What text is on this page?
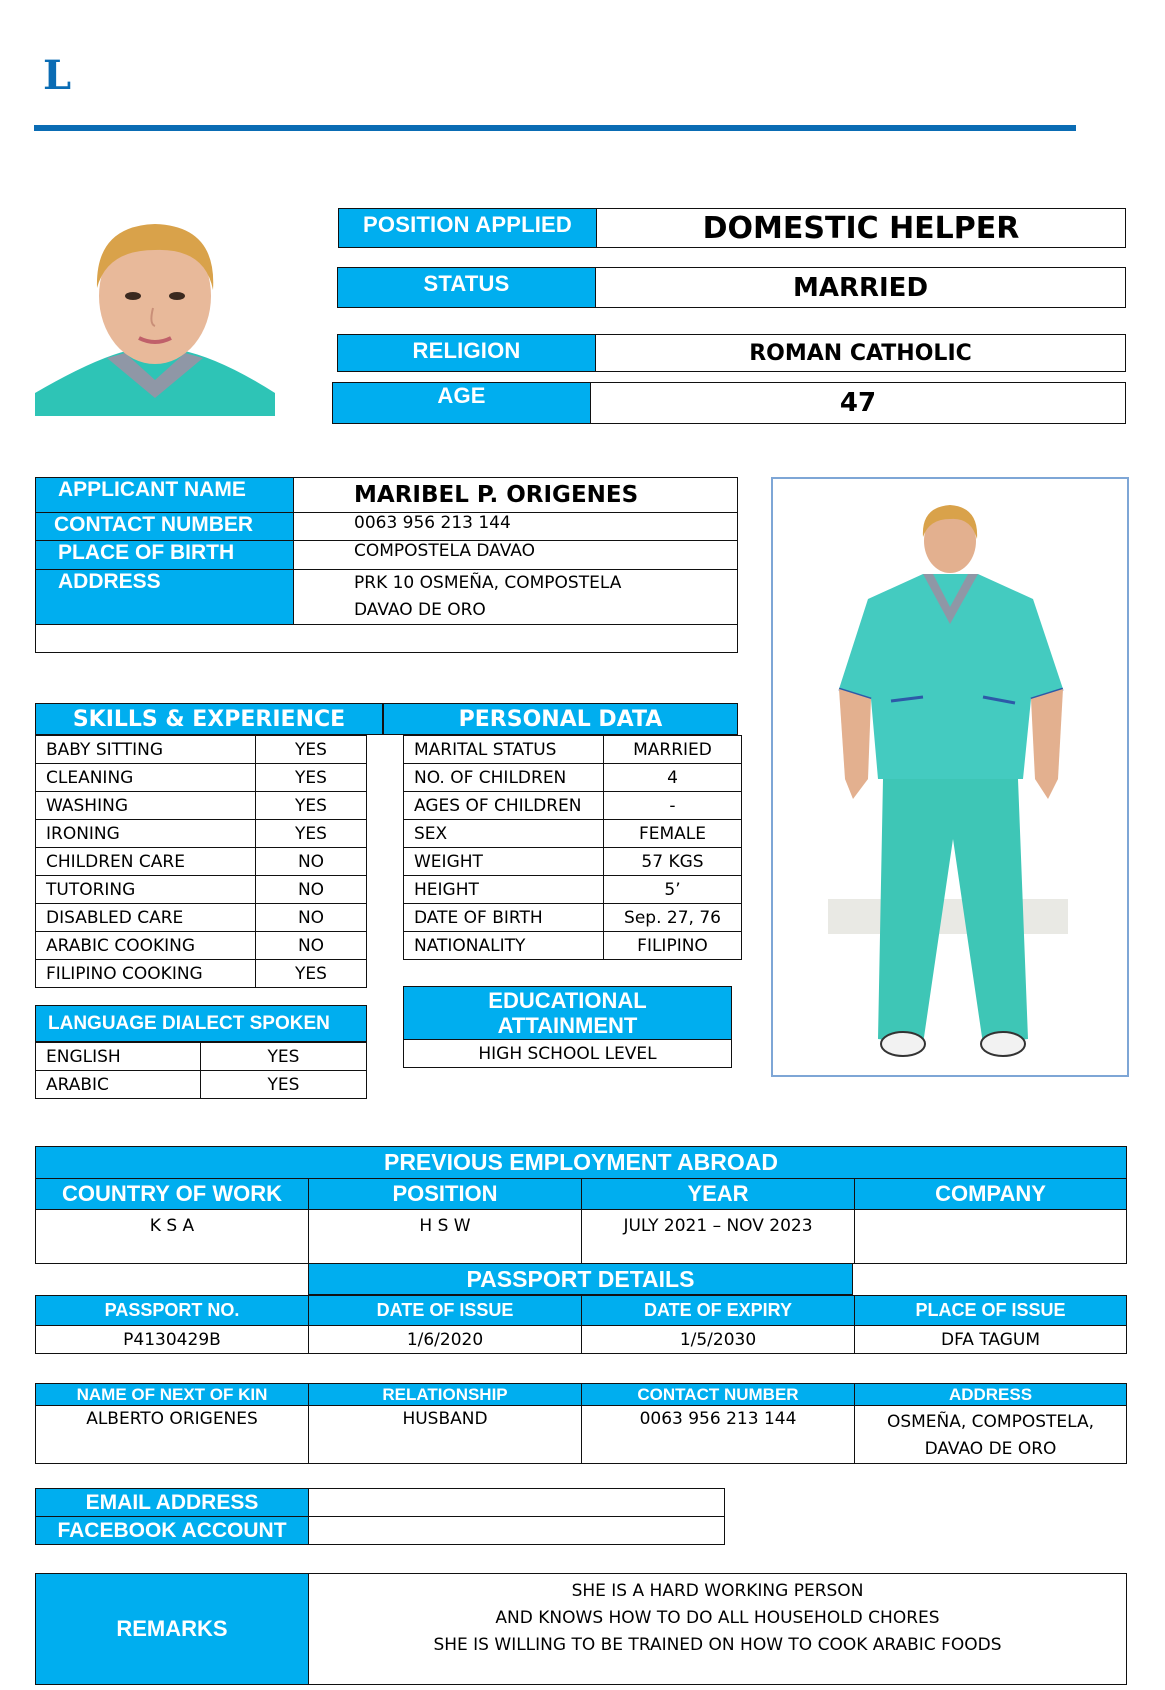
L
POSITION APPLIED	DOMESTIC HELPER
STATUS	MARRIED
RELIGION	ROMAN CATHOLIC
AGE	47
APPLICANT NAME	MARIBEL P. ORIGENES
CONTACT NUMBER	0063 956 213 144
PLACE OF BIRTH	COMPOSTELA DAVAO
ADDRESS	PRK 10 OSMEÑA, COMPOSTELA
DAVAO DE ORO

SKILLS & EXPERIENCE	PERSONAL DATA
BABY SITTING	YES
CLEANING	YES
WASHING	YES
IRONING	YES
CHILDREN CARE	NO
TUTORING	NO
DISABLED CARE	NO
ARABIC COOKING	NO
FILIPINO COOKING	YES
LANGUAGE DIALECT SPOKEN
ENGLISH	YES
ARABIC	YES
MARITAL STATUS	MARRIED
NO. OF CHILDREN	4
AGES OF CHILDREN	-
SEX	FEMALE
WEIGHT	57 KGS
HEIGHT	5’
DATE OF BIRTH	Sep. 27, 76
NATIONALITY	FILIPINO
EDUCATIONAL
ATTAINMENT
HIGH SCHOOL LEVEL
PREVIOUS EMPLOYMENT ABROAD			
COUNTRY OF WORK	POSITION	YEAR	COMPANY
K S A	H S W	JULY 2021 – NOV 2023	
PASSPORT DETAILS
PASSPORT NO.	DATE OF ISSUE	DATE OF EXPIRY	PLACE OF ISSUE
P4130429B	1/6/2020	1/5/2030	DFA TAGUM
NAME OF NEXT OF KIN	RELATIONSHIP	CONTACT NUMBER	ADDRESS
ALBERTO ORIGENES	HUSBAND	0063 956 213 144	OSMEÑA, COMPOSTELA,
DAVAO DE ORO
EMAIL ADDRESS	
FACEBOOK ACCOUNT	
REMARKS	
SHE IS A HARD WORKING PERSON
AND KNOWS HOW TO DO ALL HOUSEHOLD CHORES
SHE IS WILLING TO BE TRAINED ON HOW TO COOK ARABIC FOODS
